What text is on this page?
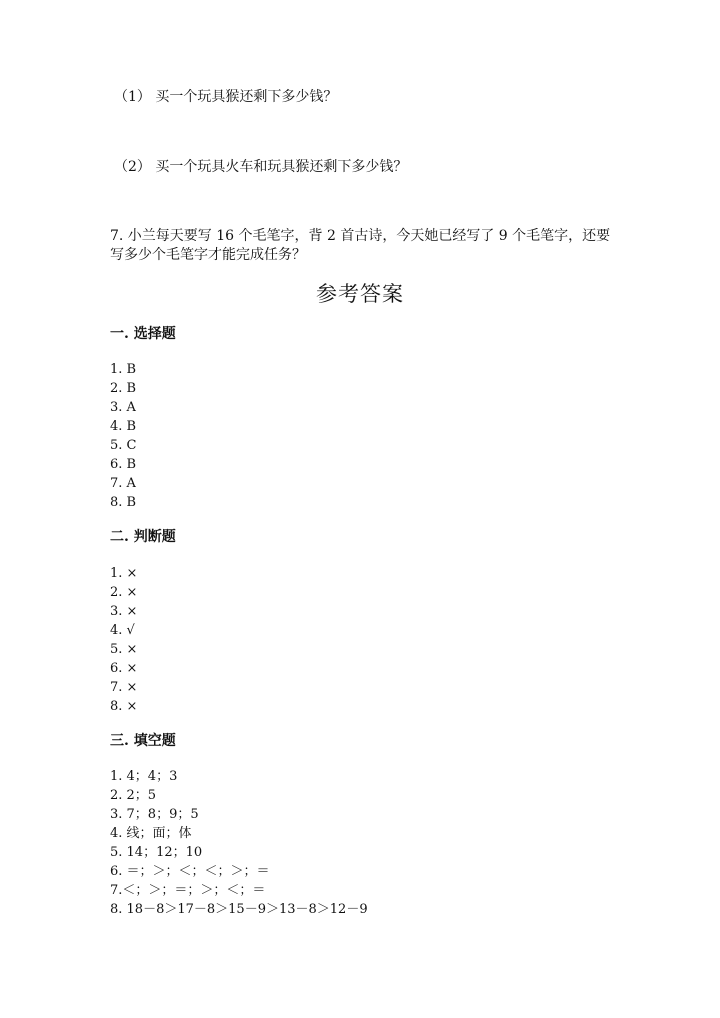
（1） 买一个玩具猴还剩下多少钱？
（2） 买一个玩具火车和玩具猴还剩下多少钱？
7. 小兰每天要写 16 个毛笔字，背 2 首古诗，今天她已经写了 9 个毛笔字，还要
写多少个毛笔字才能完成任务？
参考答案
一. 选择题
1. B
2. B
3. A
4. B
5. C
6. B
7. A
8. B
二. 判断题
1. ×
2. ×
3. ×
4. √
5. ×
6. ×
7. ×
8. ×
三. 填空题
1. 4；4；3
2. 2；5
3. 7；8；9；5
4. 线；面；体
5. 14；12；10
6. ＝；＞；＜；＜；＞；＝
7.＜；＞；＝；＞；＜；＝
8. 18－8＞17－8＞15－9＞13－8＞12－9
